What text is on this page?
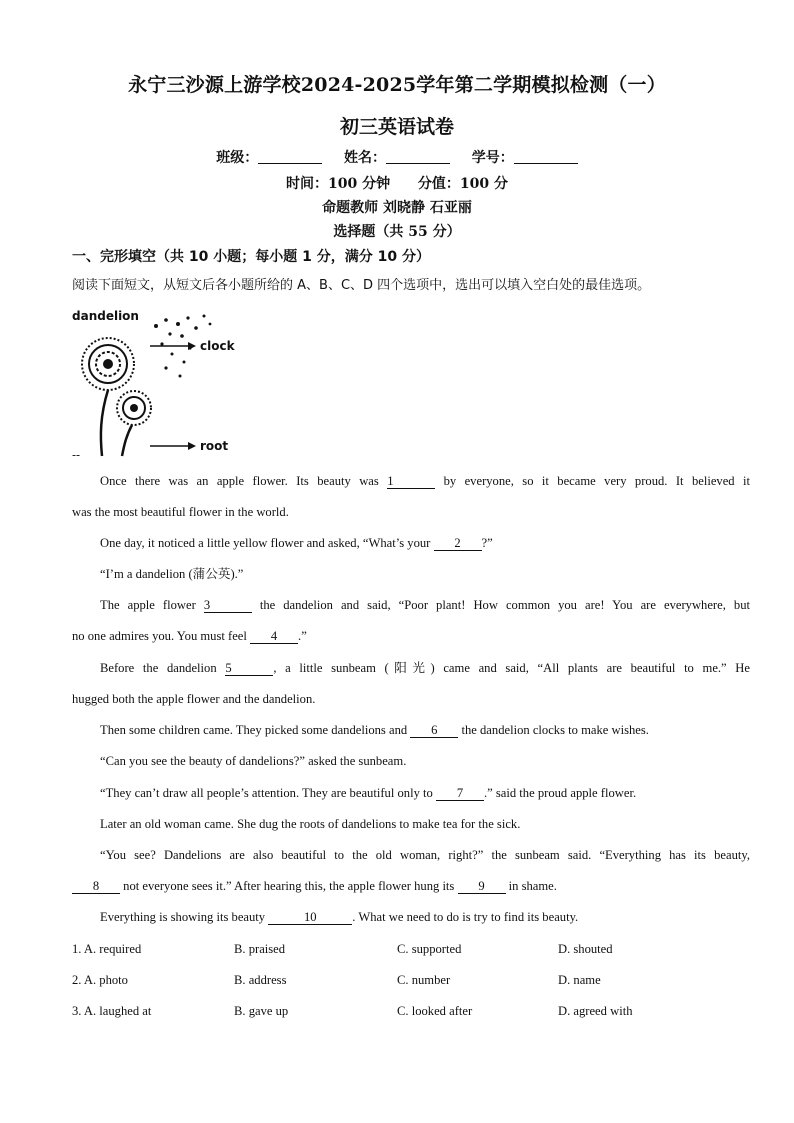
永宁三沙源上游学校2024-2025学年第二学期模拟检测（一）
初三英语试卷
班级：	姓名：	学号：
时间：100 分钟 分值：100 分
命题教师 刘晓静 石亚丽
选择题（共 55 分）
一、完形填空（共 10 小题；每小题 1 分，满分 10 分）
阅读下面短文，从短文后各小题所给的 A、B、C、D 四个选项中，选出可以填入空白处的最佳选项。
dandelion
clock
root
--
Once there was an apple flower. Its beauty was 1	by everyone, so it became very proud. It believed it
was the most beautiful flower in the world.
One day, it noticed a little yellow flower and asked, “What’s your 2 ?”
“I’m a dandelion (蒲公英).”
The apple flower 3	the dandelion and said, “Poor plant! How common you are! You are everywhere, but
no one admires you. You must feel 4 .”
Before the dandelion 5	, a little sunbeam (阳光) came and said, “All plants are beautiful to me.” He
hugged both the apple flower and the dandelion.
Then some children came. They picked some dandelions and 6 the dandelion clocks to make wishes.
“Can you see the beauty of dandelions?” asked the sunbeam.
“They can’t draw all people’s attention. They are beautiful only to 7 .” said the proud apple flower.
Later an old woman came. She dug the roots of dandelions to make tea for the sick.
“You see? Dandelions are also beautiful to the old woman, right?” the sunbeam said. “Everything has its beauty,
8 not everyone sees it.” After hearing this, the apple flower hung its 9 in shame.
Everything is showing its beauty	10	. What we need to do is try to find its beauty.
1. A. required	B. praised	C. supported	D. shouted
2. A. photo	B. address	C. number	D. name
3. A. laughed at	B. gave up	C. looked after	D. agreed with
